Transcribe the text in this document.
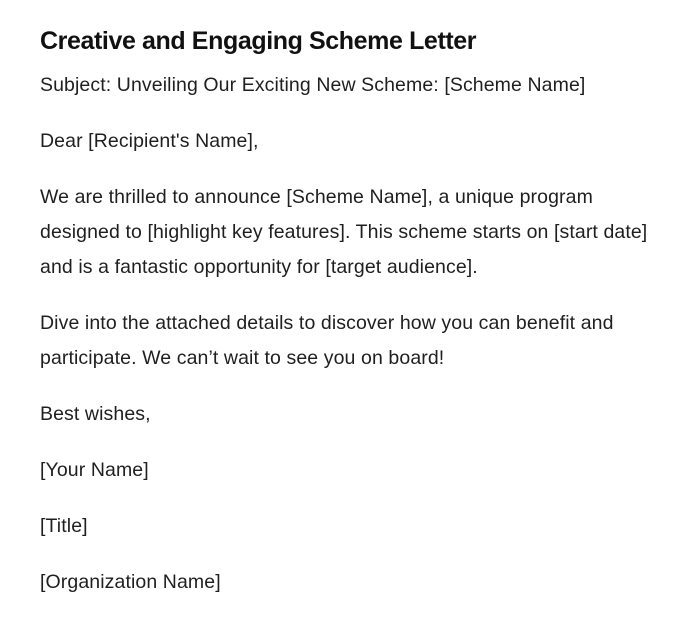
Creative and Engaging Scheme Letter

Subject: Unveiling Our Exciting New Scheme: [Scheme Name]

Dear [Recipient's Name],

We are thrilled to announce [Scheme Name], a unique program designed to [highlight key features]. This scheme starts on [start date] and is a fantastic opportunity for [target audience].

Dive into the attached details to discover how you can benefit and participate. We can’t wait to see you on board!

Best wishes,

[Your Name]

[Title]

[Organization Name]
